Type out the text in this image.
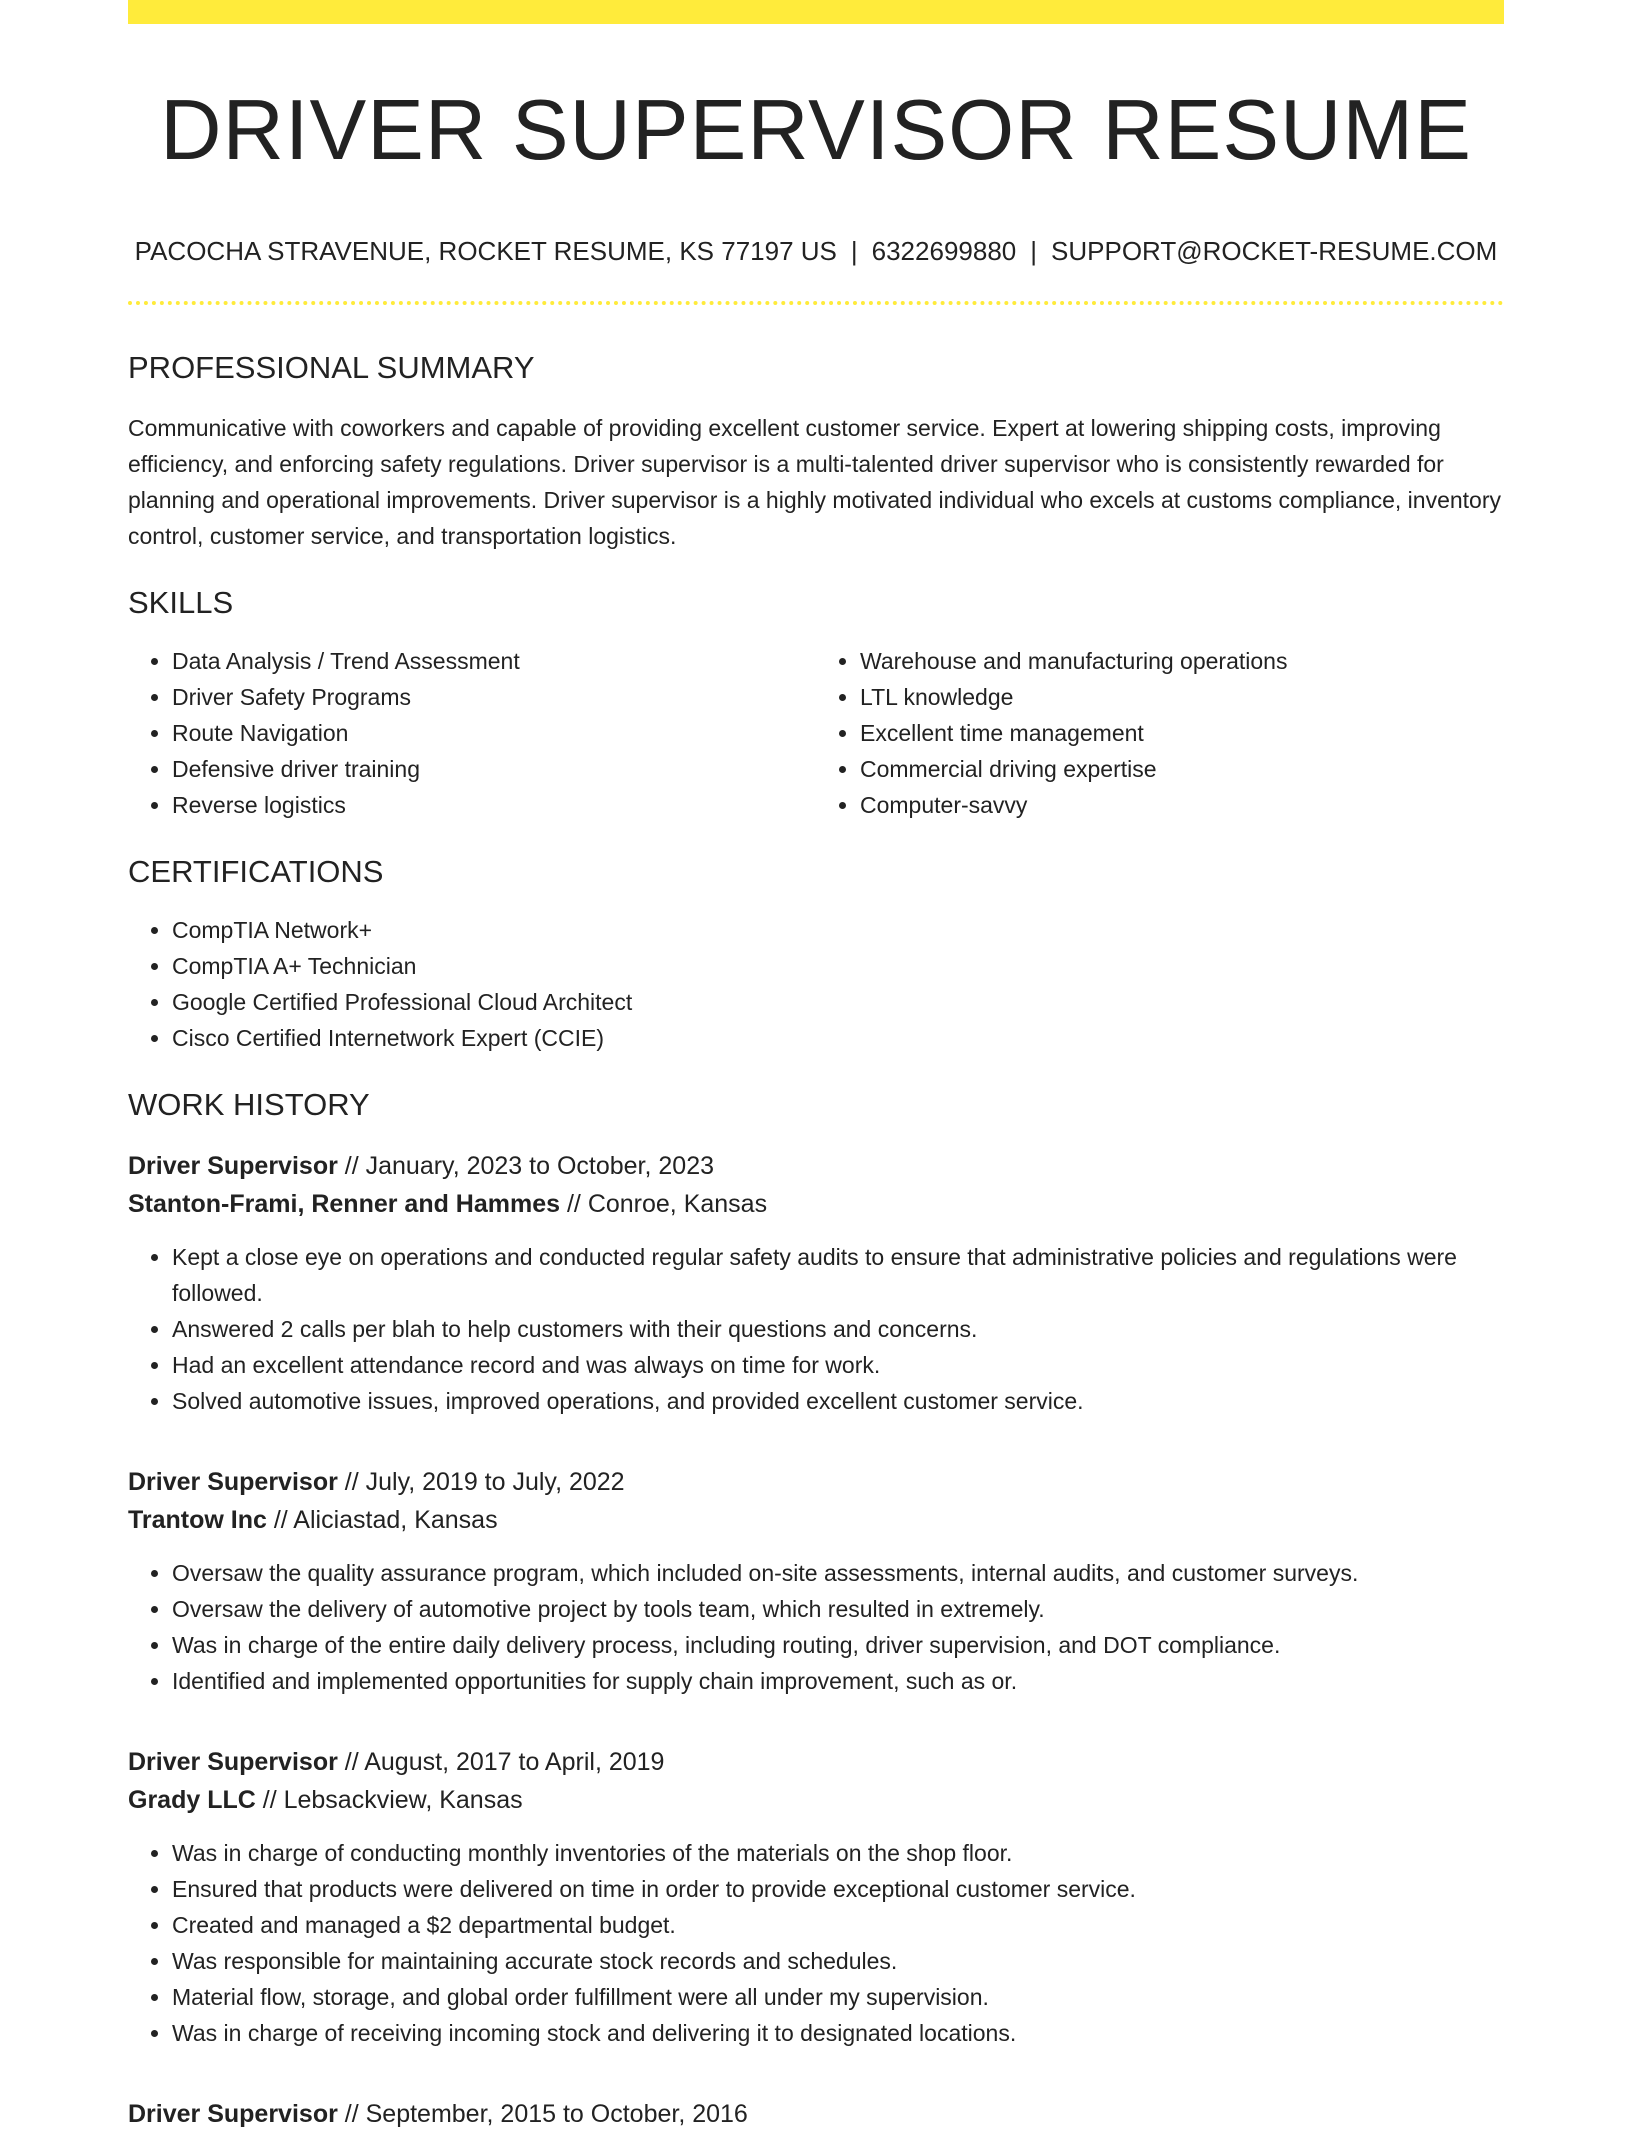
DRIVER SUPERVISOR RESUME
PACOCHA STRAVENUE, ROCKET RESUME, KS 77197 US | 6322699880 | SUPPORT@ROCKET-RESUME.COM
PROFESSIONAL SUMMARY

Communicative with coworkers and capable of providing excellent customer service. Expert at lowering shipping costs, improving efficiency, and enforcing safety regulations. Driver supervisor is a multi-talented driver supervisor who is consistently rewarded for planning and operational improvements. Driver supervisor is a highly motivated individual who excels at customs compliance, inventory control, customer service, and transportation logistics.

SKILLS
• Data Analysis / Trend Assessment
• Driver Safety Programs
• Route Navigation
• Defensive driver training
• Reverse logistics
• Warehouse and manufacturing operations
• LTL knowledge
• Excellent time management
• Commercial driving expertise
• Computer-savvy
CERTIFICATIONS
• CompTIA Network+
• CompTIA A+ Technician
• Google Certified Professional Cloud Architect
• Cisco Certified Internetwork Expert (CCIE)
WORK HISTORY
Driver Supervisor // January, 2023 to October, 2023
Stanton-Frami, Renner and Hammes // Conroe, Kansas
• Kept a close eye on operations and conducted regular safety audits to ensure that administrative policies and regulations were followed.
• Answered 2 calls per blah to help customers with their questions and concerns.
• Had an excellent attendance record and was always on time for work.
• Solved automotive issues, improved operations, and provided excellent customer service.
Driver Supervisor // July, 2019 to July, 2022
Trantow Inc // Aliciastad, Kansas
• Oversaw the quality assurance program, which included on-site assessments, internal audits, and customer surveys.
• Oversaw the delivery of automotive project by tools team, which resulted in extremely.
• Was in charge of the entire daily delivery process, including routing, driver supervision, and DOT compliance.
• Identified and implemented opportunities for supply chain improvement, such as or.
Driver Supervisor // August, 2017 to April, 2019
Grady LLC // Lebsackview, Kansas
• Was in charge of conducting monthly inventories of the materials on the shop floor.
• Ensured that products were delivered on time in order to provide exceptional customer service.
• Created and managed a $2 departmental budget.
• Was responsible for maintaining accurate stock records and schedules.
• Material flow, storage, and global order fulfillment were all under my supervision.
• Was in charge of receiving incoming stock and delivering it to designated locations.
Driver Supervisor // September, 2015 to October, 2016
